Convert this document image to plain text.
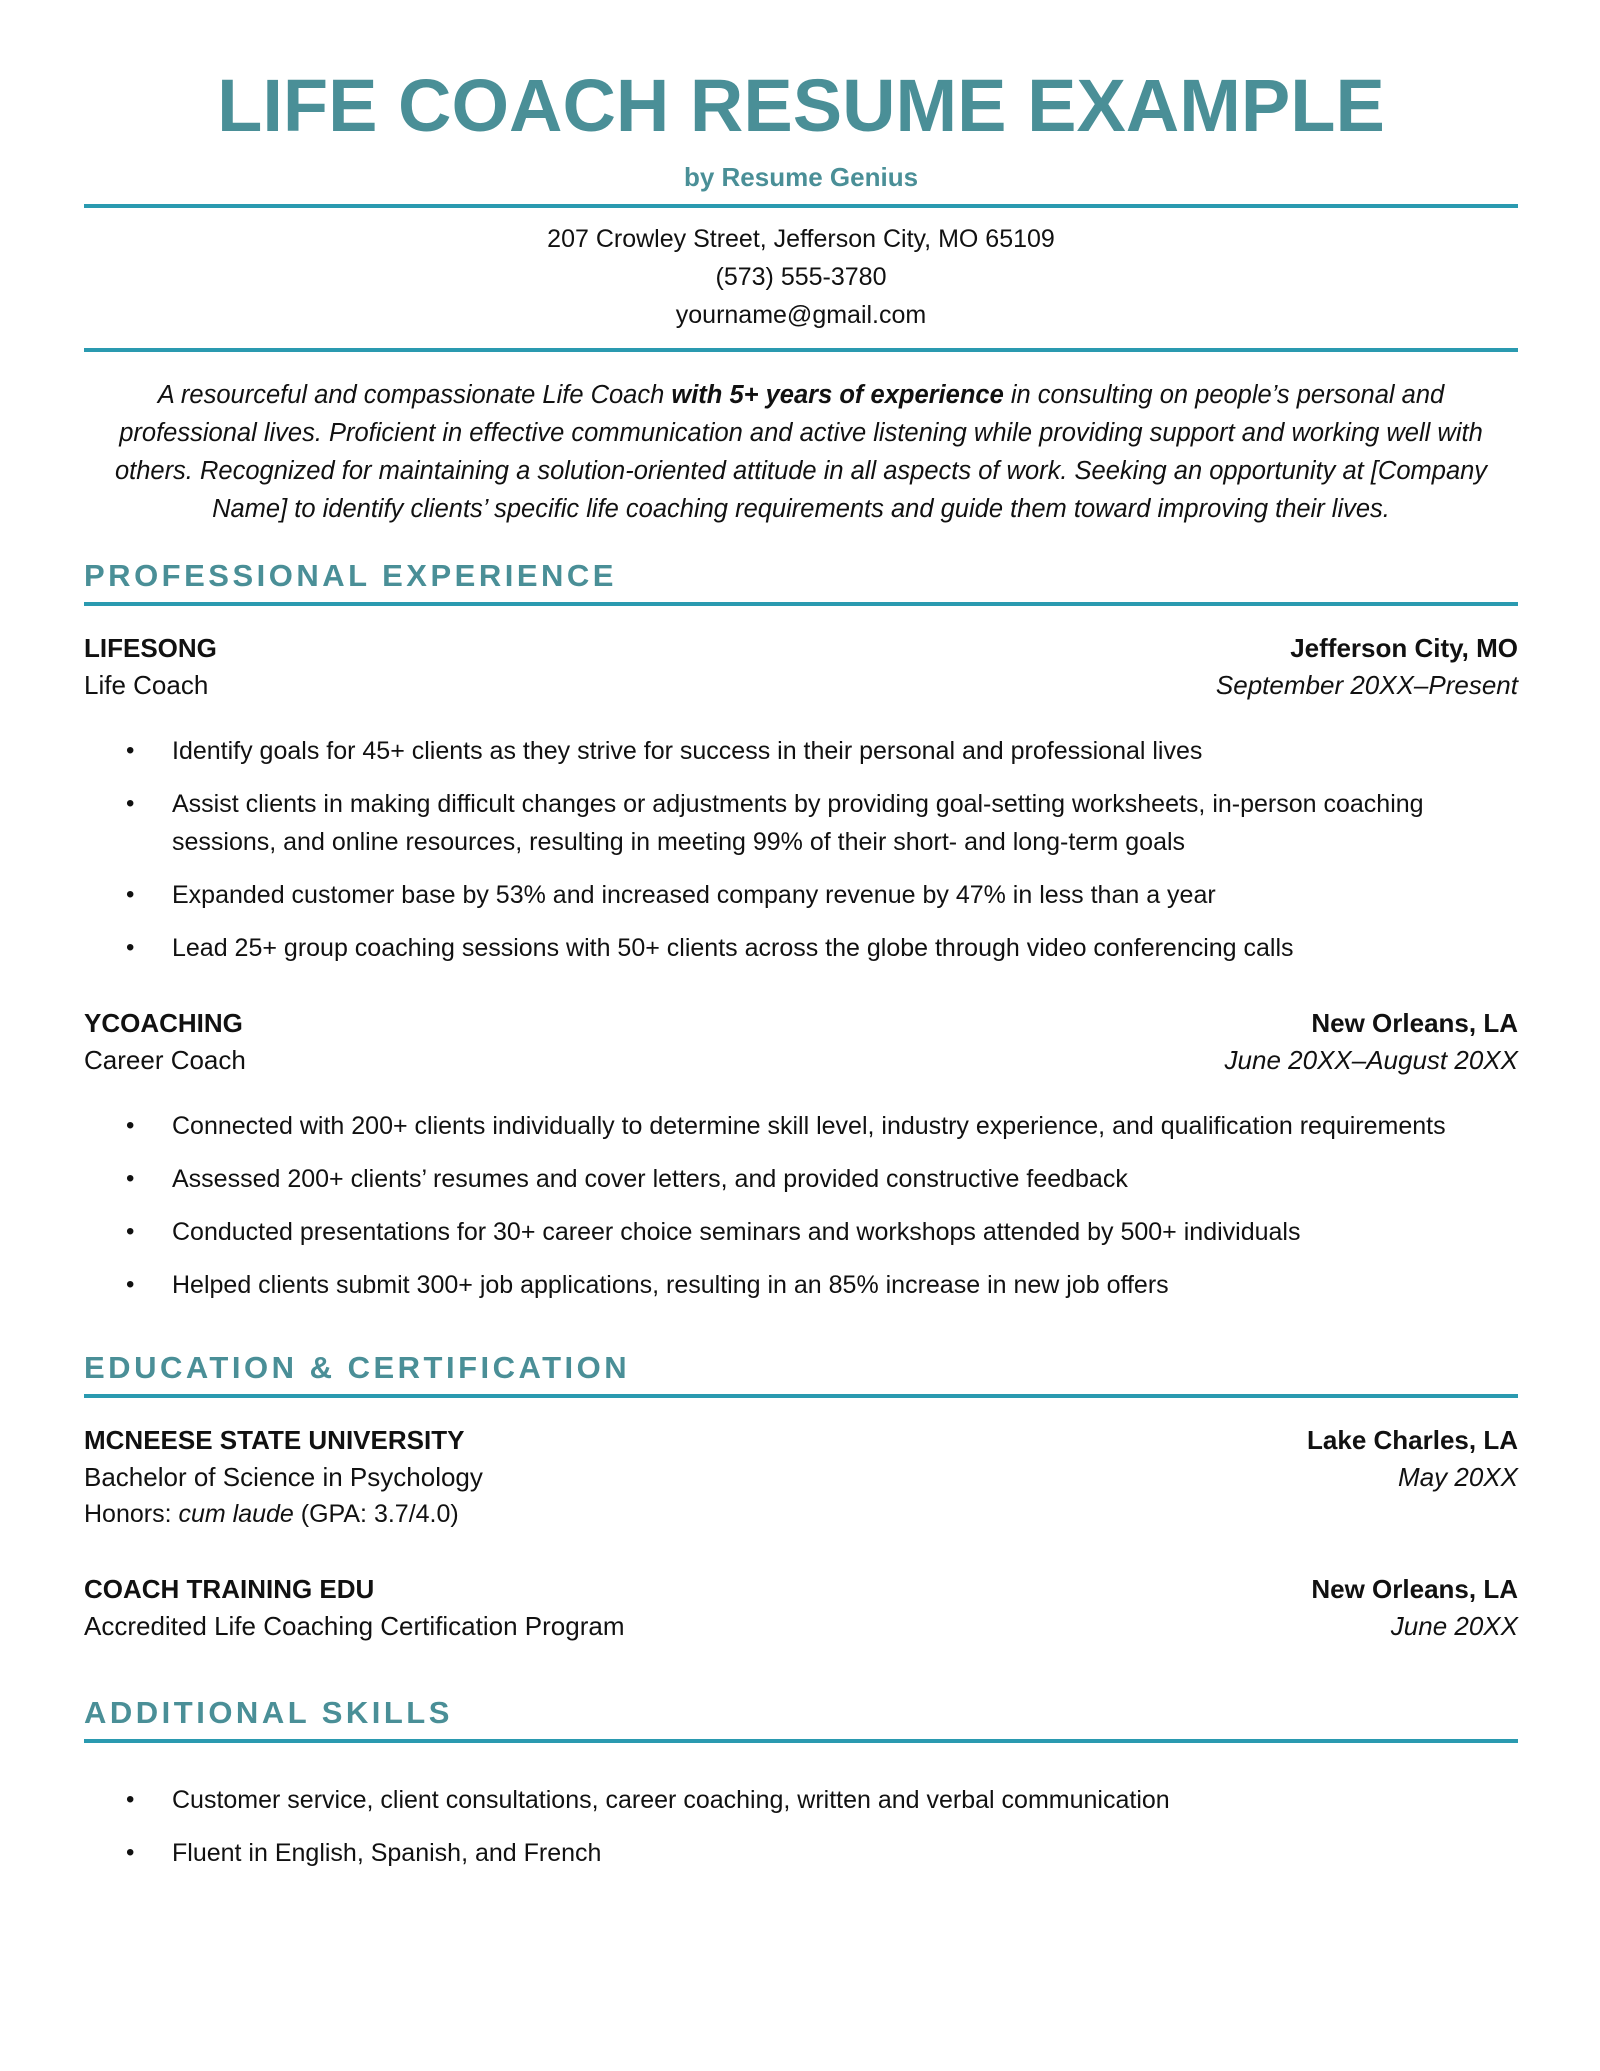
LIFE COACH RESUME EXAMPLE
by Resume Genius
207 Crowley Street, Jefferson City, MO 65109
(573) 555-3780
yourname@gmail.com

A resourceful and compassionate Life Coach with 5+ years of experience in consulting on people’s personal and professional lives. Proficient in effective communication and active listening while providing support and working well with others. Recognized for maintaining a solution-oriented attitude in all aspects of work. Seeking an opportunity at [Company Name] to identify clients’ specific life coaching requirements and guide them toward improving their lives.

PROFESSIONAL EXPERIENCE
LIFESONG	Jefferson City, MO
Life Coach	September 20XX–Present
• Identify goals for 45+ clients as they strive for success in their personal and professional lives
• Assist clients in making difficult changes or adjustments by providing goal-setting worksheets, in-person coaching sessions, and online resources, resulting in meeting 99% of their short- and long-term goals
• Expanded customer base by 53% and increased company revenue by 47% in less than a year
• Lead 25+ group coaching sessions with 50+ clients across the globe through video conferencing calls
YCOACHING	New Orleans, LA
Career Coach	June 20XX–August 20XX
• Connected with 200+ clients individually to determine skill level, industry experience, and qualification requirements
• Assessed 200+ clients’ resumes and cover letters, and provided constructive feedback
• Conducted presentations for 30+ career choice seminars and workshops attended by 500+ individuals
• Helped clients submit 300+ job applications, resulting in an 85% increase in new job offers
EDUCATION & CERTIFICATION
MCNEESE STATE UNIVERSITY	Lake Charles, LA
Bachelor of Science in Psychology	May 20XX
Honors: cum laude (GPA: 3.7/4.0)
COACH TRAINING EDU	New Orleans, LA
Accredited Life Coaching Certification Program	June 20XX
ADDITIONAL SKILLS
• Customer service, client consultations, career coaching, written and verbal communication
• Fluent in English, Spanish, and French
